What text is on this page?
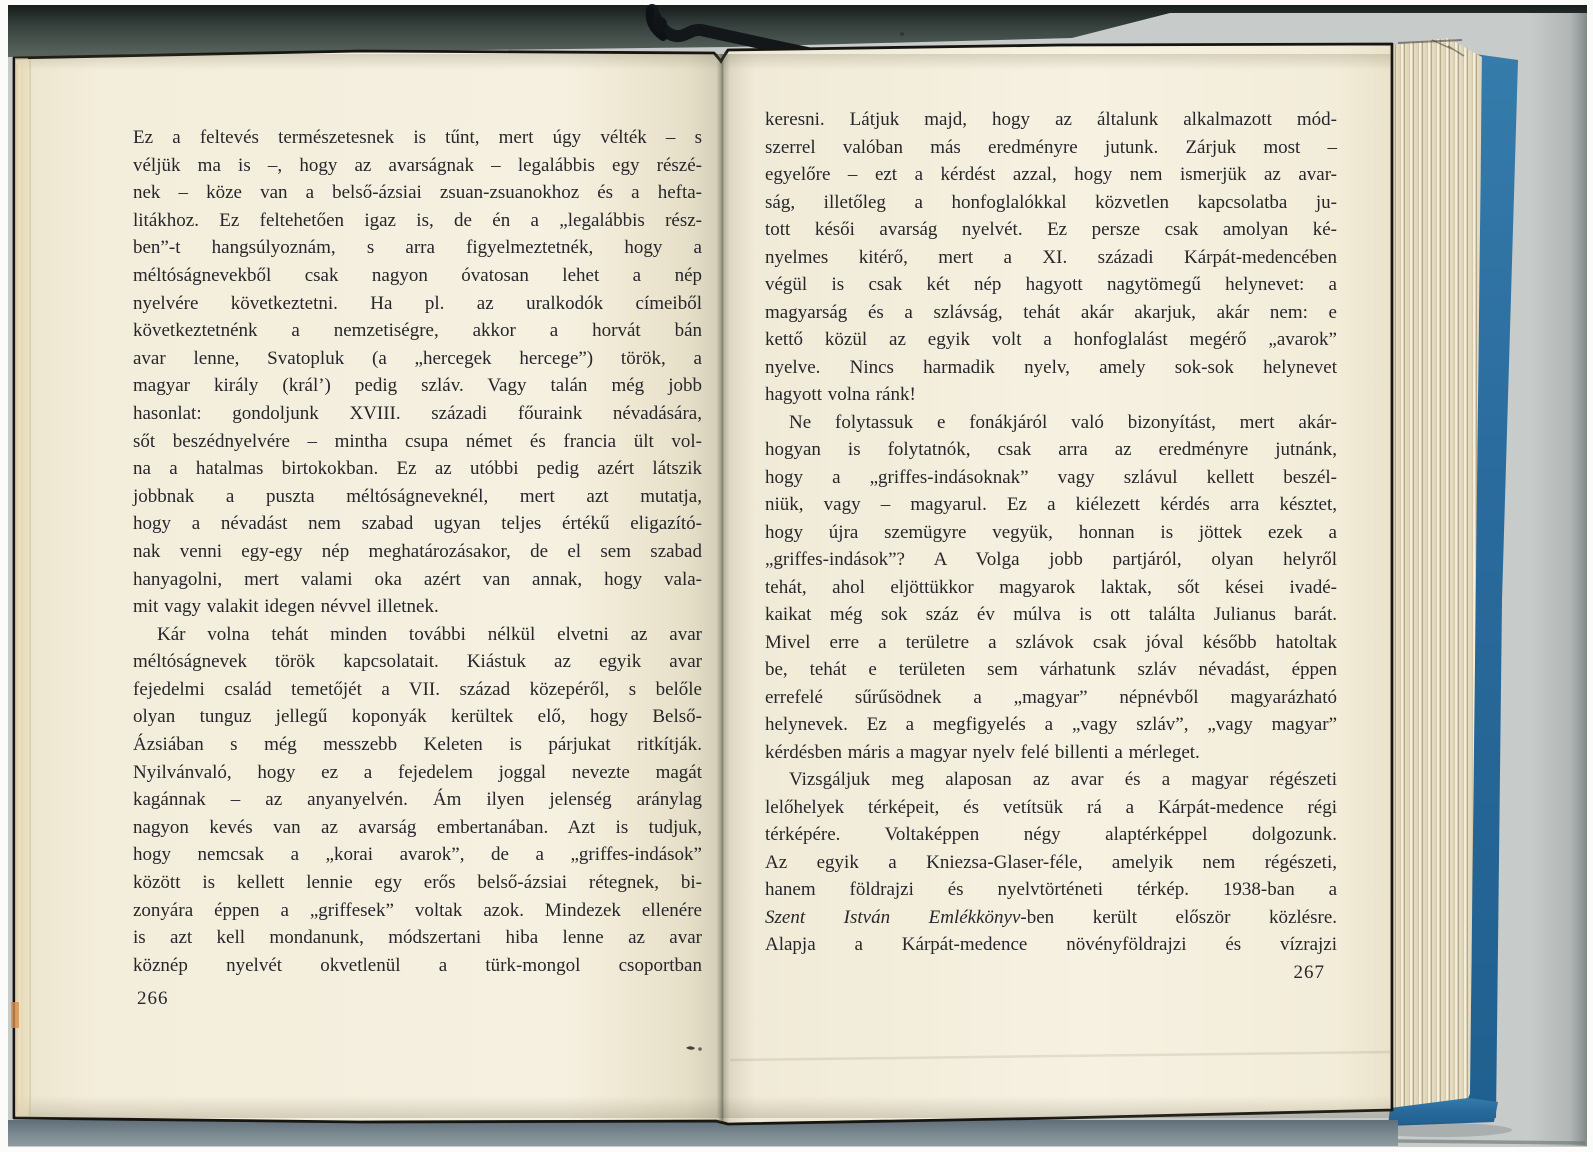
Ez a feltevés természetesnek is tűnt, mert úgy vélték – s
véljük ma is –, hogy az avarságnak – legalábbis egy részé-
nek – köze van a belső-ázsiai zsuan-zsuanokhoz és a hefta-
litákhoz. Ez feltehetően igaz is, de én a „legalábbis rész-
ben”-t hangsúlyoznám, s arra figyelmeztetnék, hogy a
méltóságnevekből csak nagyon óvatosan lehet a nép
nyelvére következtetni. Ha pl. az uralkodók címeiből
következtetnénk a nemzetiségre, akkor a horvát bán
avar lenne, Svatopluk (a „hercegek hercege”) török, a
magyar király (král’) pedig szláv. Vagy talán még jobb
hasonlat: gondoljunk XVIII. századi főuraink névadására,
sőt beszédnyelvére – mintha csupa német és francia ült vol-
na a hatalmas birtokokban. Ez az utóbbi pedig azért látszik
jobbnak a puszta méltóságneveknél, mert azt mutatja,
hogy a névadást nem szabad ugyan teljes értékű eligazító-
nak venni egy-egy nép meghatározásakor, de el sem szabad
hanyagolni, mert valami oka azért van annak, hogy vala-
mit vagy valakit idegen névvel illetnek.
Kár volna tehát minden további nélkül elvetni az avar
méltóságnevek török kapcsolatait. Kiástuk az egyik avar
fejedelmi család temetőjét a VII. század közepéről, s belőle
olyan tunguz jellegű koponyák kerültek elő, hogy Belső-
Ázsiában s még messzebb Keleten is párjukat ritkítják.
Nyilvánvaló, hogy ez a fejedelem joggal nevezte magát
kagánnak – az anyanyelvén. Ám ilyen jelenség aránylag
nagyon kevés van az avarság embertanában. Azt is tudjuk,
hogy nemcsak a „korai avarok”, de a „griffes-indások”
között is kellett lennie egy erős belső-ázsiai rétegnek, bi-
zonyára éppen a „griffesek” voltak azok. Mindezek ellenére
is azt kell mondanunk, módszertani hiba lenne az avar
köznép nyelvét okvetlenül a türk-mongol csoportban
keresni. Látjuk majd, hogy az általunk alkalmazott mód-
szerrel valóban más eredményre jutunk. Zárjuk most –
egyelőre – ezt a kérdést azzal, hogy nem ismerjük az avar-
ság, illetőleg a honfoglalókkal közvetlen kapcsolatba ju-
tott késői avarság nyelvét. Ez persze csak amolyan ké-
nyelmes kitérő, mert a XI. századi Kárpát-medencében
végül is csak két nép hagyott nagytömegű helynevet: a
magyarság és a szlávság, tehát akár akarjuk, akár nem: e
kettő közül az egyik volt a honfoglalást megérő „avarok”
nyelve. Nincs harmadik nyelv, amely sok-sok helynevet
hagyott volna ránk!
Ne folytassuk e fonákjáról való bizonyítást, mert akár-
hogyan is folytatnók, csak arra az eredményre jutnánk,
hogy a „griffes-indásoknak” vagy szlávul kellett beszél-
niük, vagy – magyarul. Ez a kiélezett kérdés arra késztet,
hogy újra szemügyre vegyük, honnan is jöttek ezek a
„griffes-indások”? A Volga jobb partjáról, olyan helyről
tehát, ahol eljöttükkor magyarok laktak, sőt kései ivadé-
kaikat még sok száz év múlva is ott találta Julianus barát.
Mivel erre a területre a szlávok csak jóval később hatoltak
be, tehát e területen sem várhatunk szláv névadást, éppen
errefelé sűrűsödnek a „magyar” népnévből magyarázható
helynevek. Ez a megfigyelés a „vagy szláv”, „vagy magyar”
kérdésben máris a magyar nyelv felé billenti a mérleget.
Vizsgáljuk meg alaposan az avar és a magyar régészeti
lelőhelyek térképeit, és vetítsük rá a Kárpát-medence régi
térképére. Voltaképpen négy alaptérképpel dolgozunk.
Az egyik a Kniezsa-Glaser-féle, amelyik nem régészeti,
hanem földrajzi és nyelvtörténeti térkép. 1938-ban a
Szent István Emlékkönyv-ben került először közlésre.
Alapja a Kárpát-medence növényföldrajzi és vízrajzi
266
267
